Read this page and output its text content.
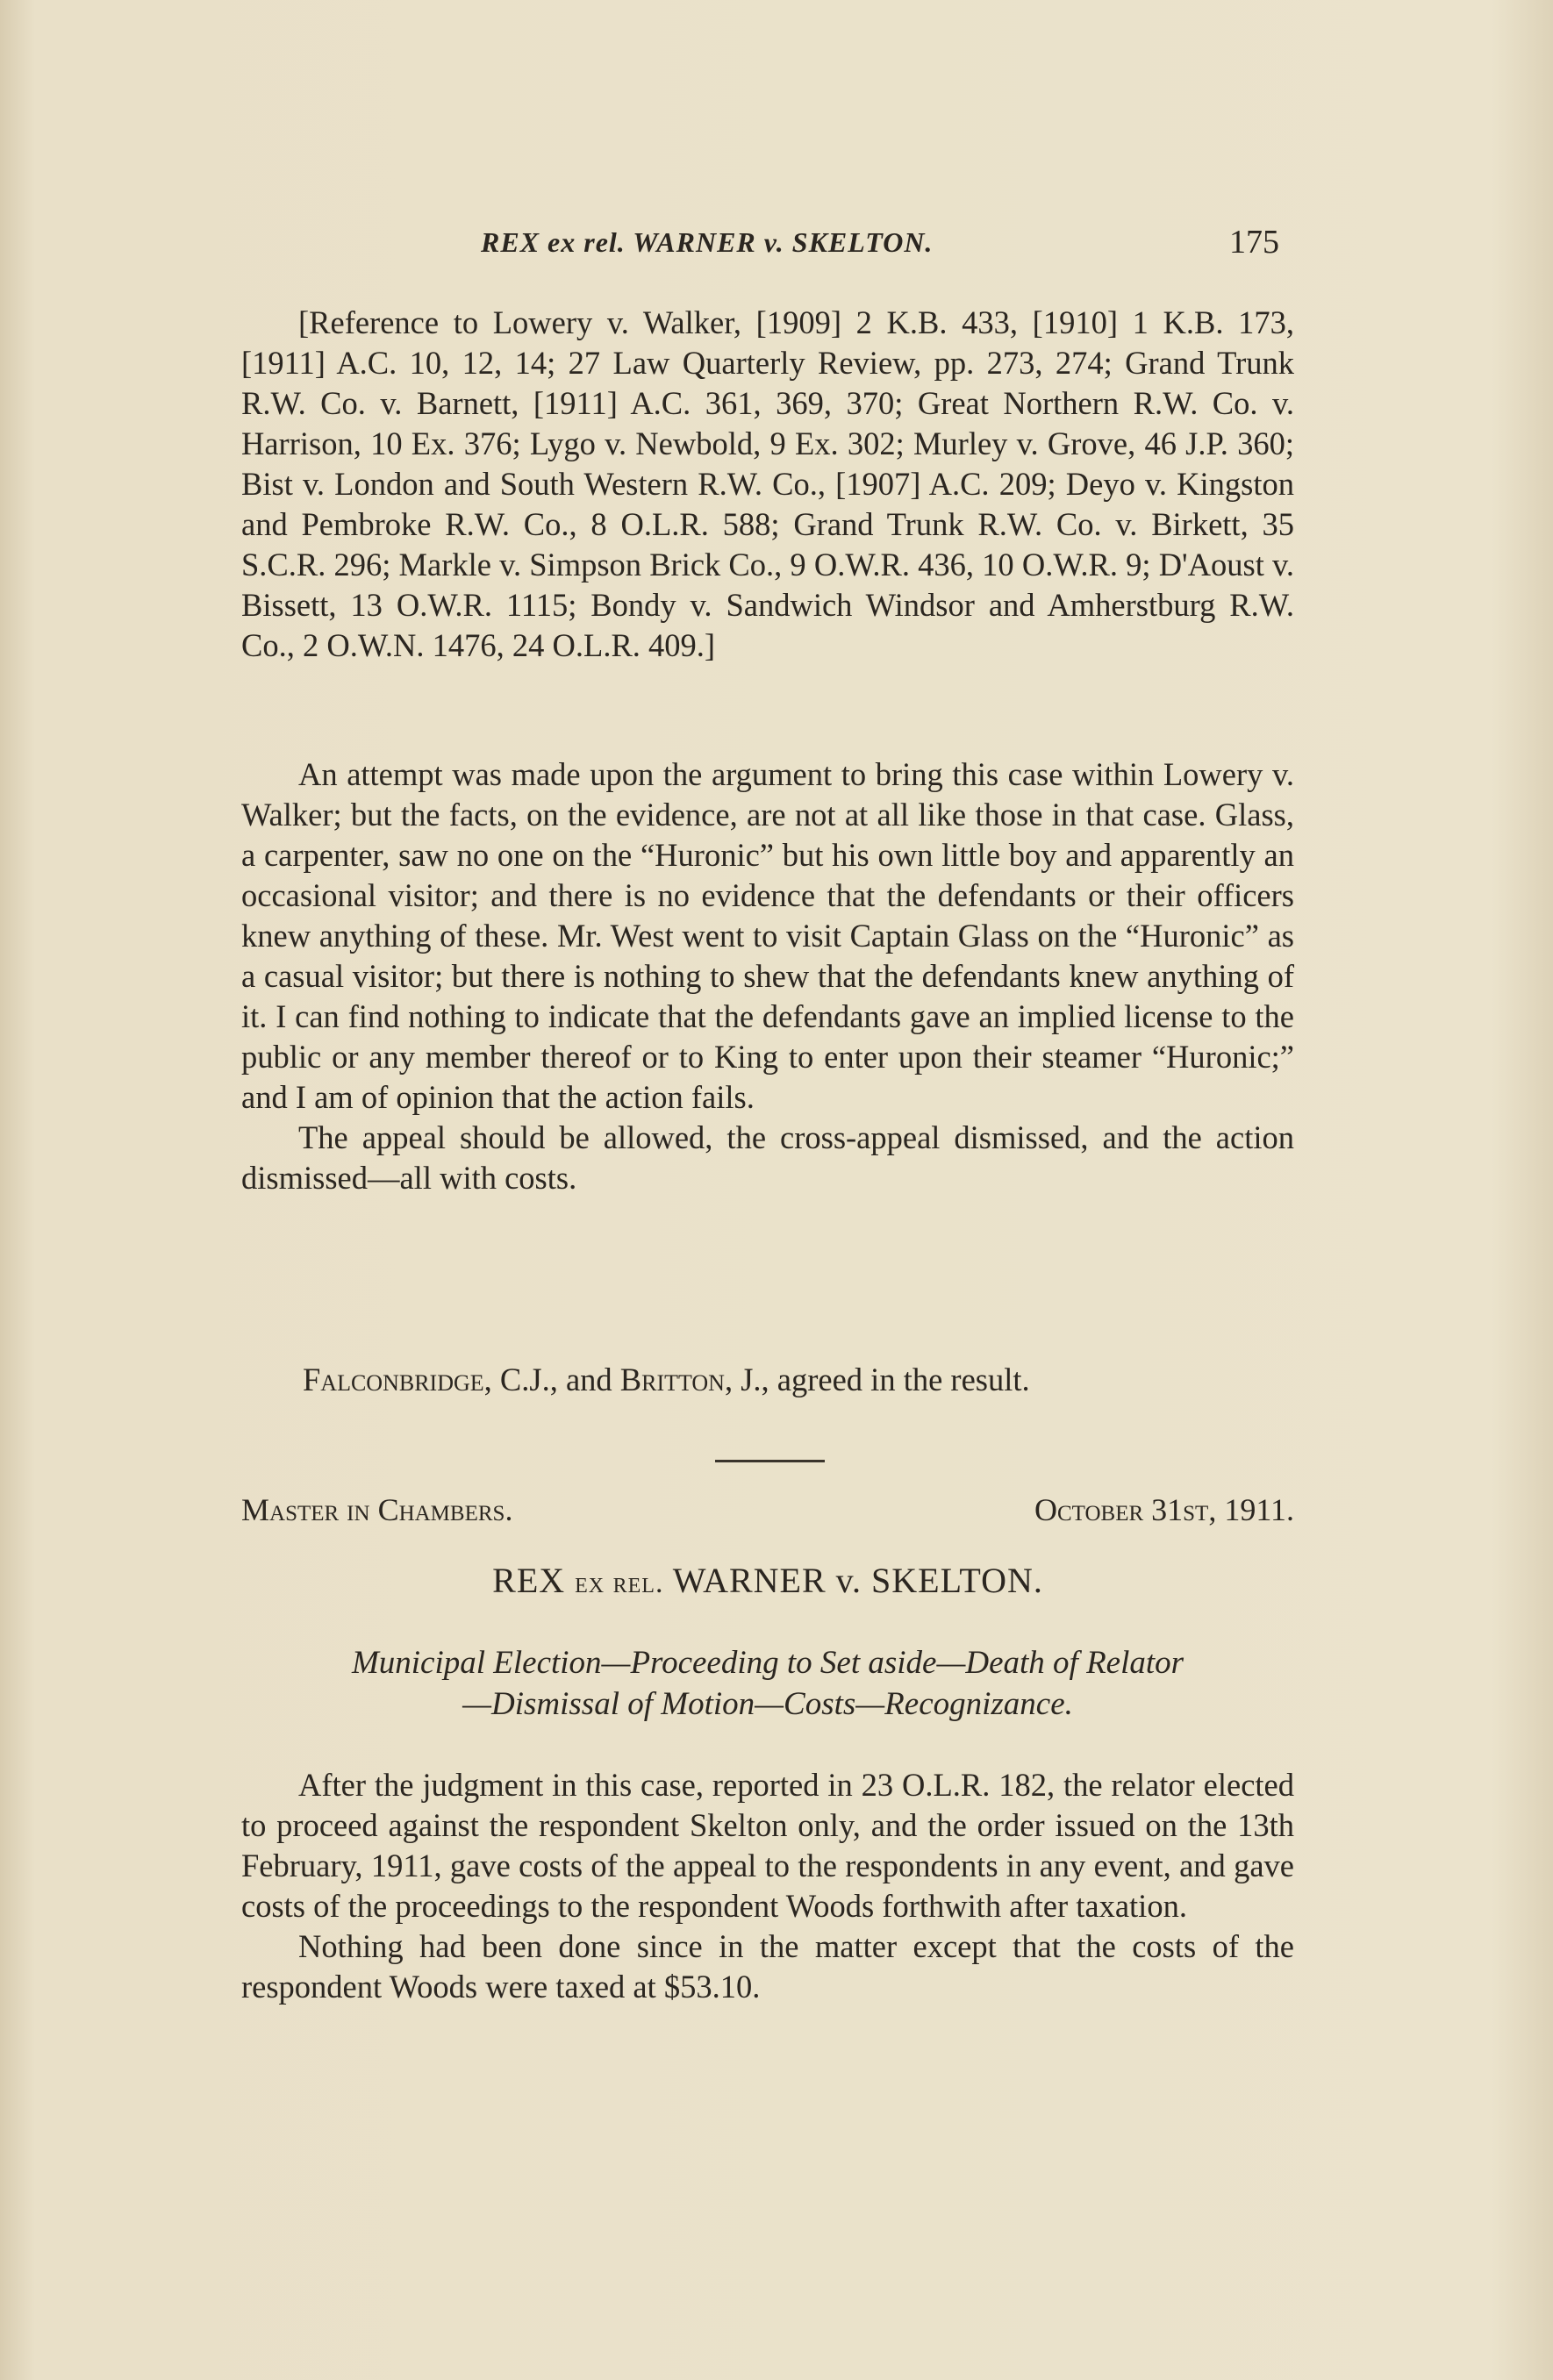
REX ex rel. WARNER v. SKELTON.	175

[Reference to Lowery v. Walker, [1909] 2 K.B. 433, [1910] 1 K.B. 173, [1911] A.C. 10, 12, 14; 27 Law Quarterly Review, pp. 273, 274; Grand Trunk R.W. Co. v. Barnett, [1911] A.C. 361, 369, 370; Great Northern R.W. Co. v. Harrison, 10 Ex. 376; Lygo v. Newbold, 9 Ex. 302; Murley v. Grove, 46 J.P. 360; Bist v. London and South Western R.W. Co., [1907] A.C. 209; Deyo v. Kingston and Pembroke R.W. Co., 8 O.L.R. 588; Grand Trunk R.W. Co. v. Birkett, 35 S.C.R. 296; Markle v. Simpson Brick Co., 9 O.W.R. 436, 10 O.W.R. 9; D'Aoust v. Bissett, 13 O.W.R. 1115; Bondy v. Sandwich Windsor and Amherstburg R.W. Co., 2 O.W.N. 1476, 24 O.L.R. 409.]

An attempt was made upon the argument to bring this case within Lowery v. Walker; but the facts, on the evidence, are not at all like those in that case. Glass, a carpenter, saw no one on the “Huronic” but his own little boy and apparently an occasional visitor; and there is no evidence that the defendants or their officers knew anything of these. Mr. West went to visit Captain Glass on the “Huronic” as a casual visitor; but there is nothing to shew that the defendants knew anything of it. I can find nothing to indicate that the defendants gave an implied license to the public or any member thereof or to King to enter upon their steamer “Huronic;” and I am of opinion that the action fails.

The appeal should be allowed, the cross-appeal dismissed, and the action dismissed—all with costs.

Falconbridge, C.J., and Britton, J., agreed in the result.

Master in Chambers.	October 31st, 1911.
REX ex rel. WARNER v. SKELTON.
Municipal Election—Proceeding to Set aside—Death of Relator
—Dismissal of Motion—Costs—Recognizance.

After the judgment in this case, reported in 23 O.L.R. 182, the relator elected to proceed against the respondent Skelton only, and the order issued on the 13th February, 1911, gave costs of the appeal to the respondents in any event, and gave costs of the proceedings to the respondent Woods forthwith after taxation.

Nothing had been done since in the matter except that the costs of the respondent Woods were taxed at $53.10.
